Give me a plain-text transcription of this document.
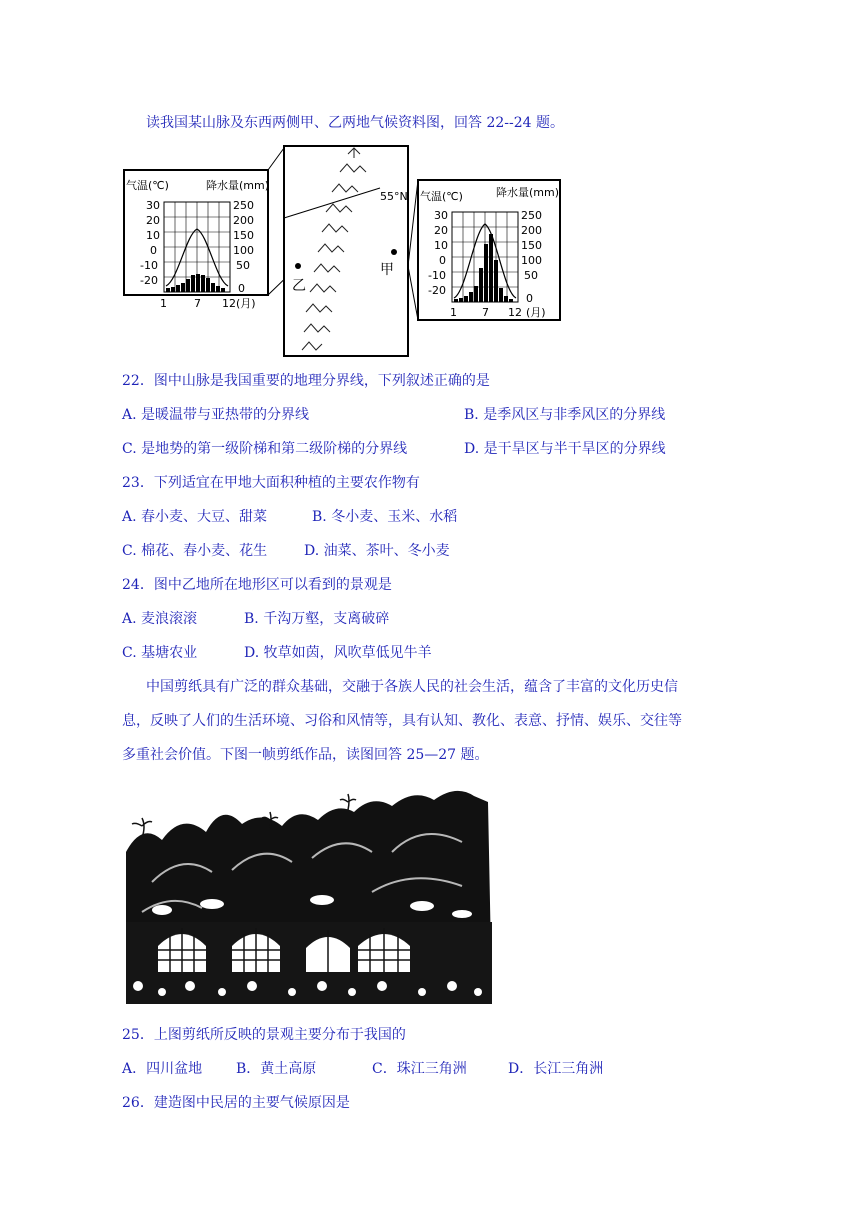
读我国某山脉及东西两侧甲、乙两地气候资料图，回答 22--24 题。
气温(℃)	降水量(mm)
30
20
10
0
-10
-20
250
200
150
100
50
0
1 7 12 (月)
乙
甲
55°N 气温(℃)	降水量(mm)
30
20
10
0
-10
-20
250
200
150
100
50
0
1 7 12 (月)
22．图中山脉是我国重要的地理分界线，下列叙述正确的是
A. 是暖温带与亚热带的分界线	B. 是季风区与非季风区的分界线
C. 是地势的第一级阶梯和第二级阶梯的分界线	D. 是干旱区与半干旱区的分界线
23．下列适宜在甲地大面积种植的主要农作物有
A. 春小麦、大豆、甜菜	B. 冬小麦、玉米、水稻
C. 棉花、春小麦、花生	D. 油菜、茶叶、冬小麦
24．图中乙地所在地形区可以看到的景观是
A. 麦浪滚滚	B. 千沟万壑，支离破碎
C. 基塘农业	D. 牧草如茵，风吹草低见牛羊
中国剪纸具有广泛的群众基础，交融于各族人民的社会生活，蕴含了丰富的文化历史信
息，反映了人们的生活环境、习俗和风情等，具有认知、教化、表意、抒情、娱乐、交往等
多重社会价值。下图一帧剪纸作品，读图回答 25—27 题。
25．上图剪纸所反映的景观主要分布于我国的
A．四川盆地 B．黄土高原	C．珠江三角洲	D．长江三角洲
26．建造图中民居的主要气候原因是
